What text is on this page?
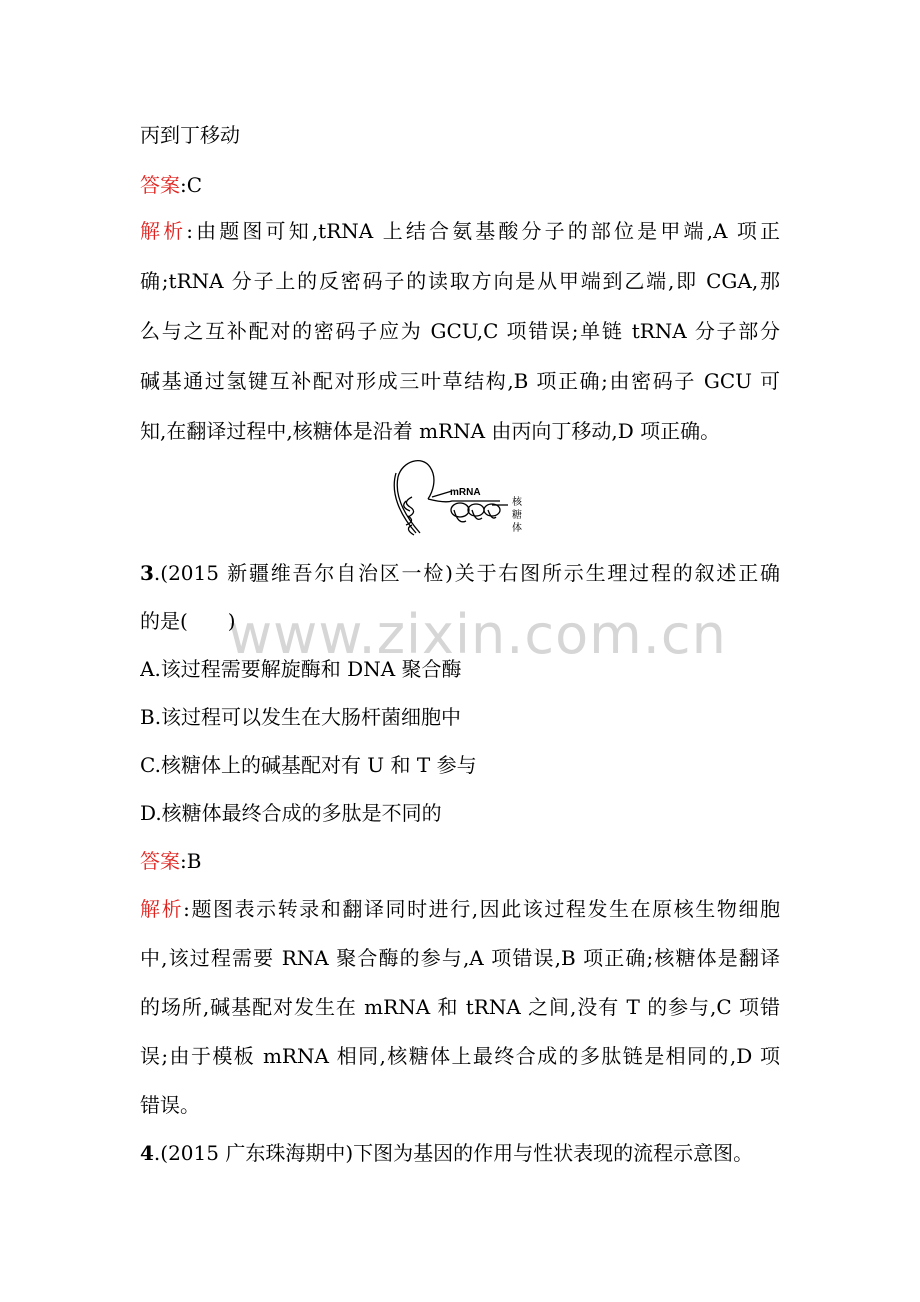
www.zixin.com.cn
丙到丁移动
答案:C
解析:由题图可知,tRNA 上结合氨基酸分子的部位是甲端,A 项正
确;tRNA 分子上的反密码子的读取方向是从甲端到乙端,即 CGA,那
么与之互补配对的密码子应为 GCU,C 项错误;单链 tRNA 分子部分
碱基通过氢键互补配对形成三叶草结构,B 项正确;由密码子 GCU 可
知,在翻译过程中,核糖体是沿着 mRNA 由丙向丁移动,D 项正确。
mRNA
核
糖
体
3.(2015 新疆维吾尔自治区一检)关于右图所示生理过程的叙述正确
的是(　　)
A.该过程需要解旋酶和 DNA 聚合酶
B.该过程可以发生在大肠杆菌细胞中
C.核糖体上的碱基配对有 U 和 T 参与
D.核糖体最终合成的多肽是不同的
答案:B
解析:题图表示转录和翻译同时进行,因此该过程发生在原核生物细胞
中,该过程需要 RNA 聚合酶的参与,A 项错误,B 项正确;核糖体是翻译
的场所,碱基配对发生在 mRNA 和 tRNA 之间,没有 T 的参与,C 项错
误;由于模板 mRNA 相同,核糖体上最终合成的多肽链是相同的,D 项
错误。
4.(2015 广东珠海期中)下图为基因的作用与性状表现的流程示意图。
